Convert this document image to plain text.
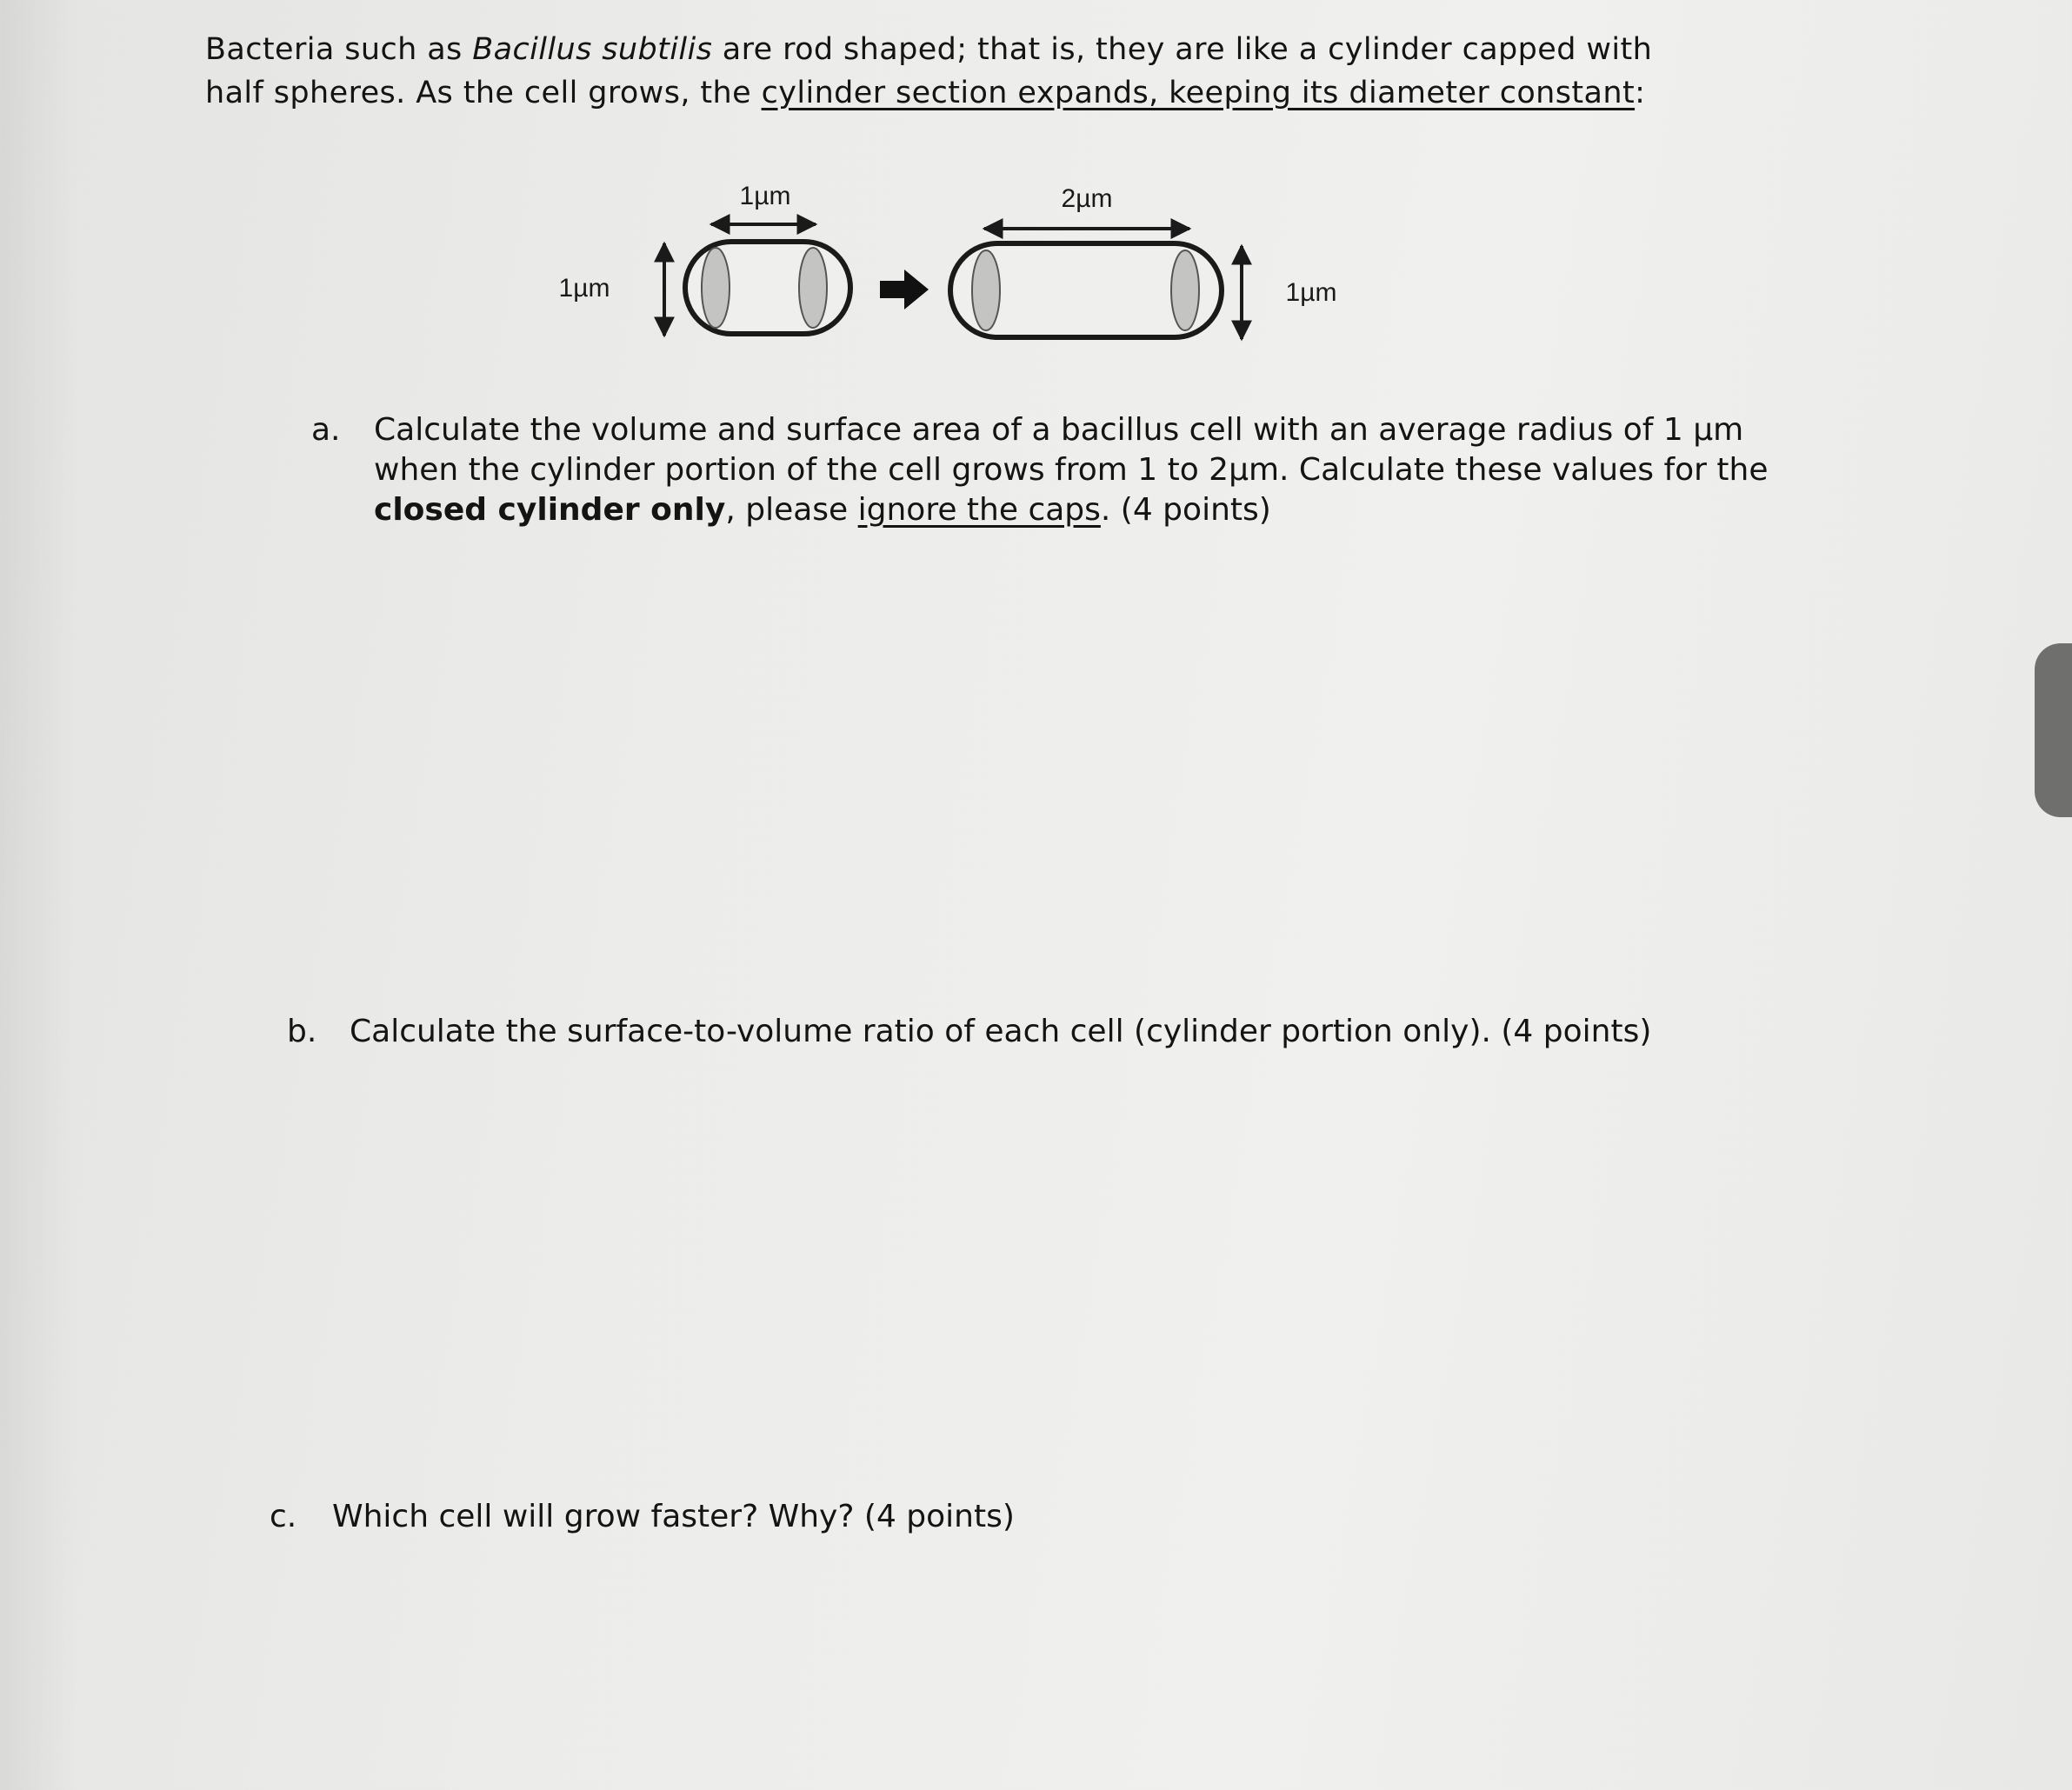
Bacteria such as Bacillus subtilis are rod shaped; that is, they are like a cylinder capped with half spheres. As the cell grows, the cylinder section expands, keeping its diameter constant:

1µm
1µm	2µm
1µm
a. Calculate the volume and surface area of a bacillus cell with an average radius of 1 µm when the cylinder portion of the cell grows from 1 to 2µm. Calculate these values for the closed cylinder only, please ignore the caps. (4 points)
b. Calculate the surface-to-volume ratio of each cell (cylinder portion only). (4 points)
c. Which cell will grow faster? Why? (4 points)
